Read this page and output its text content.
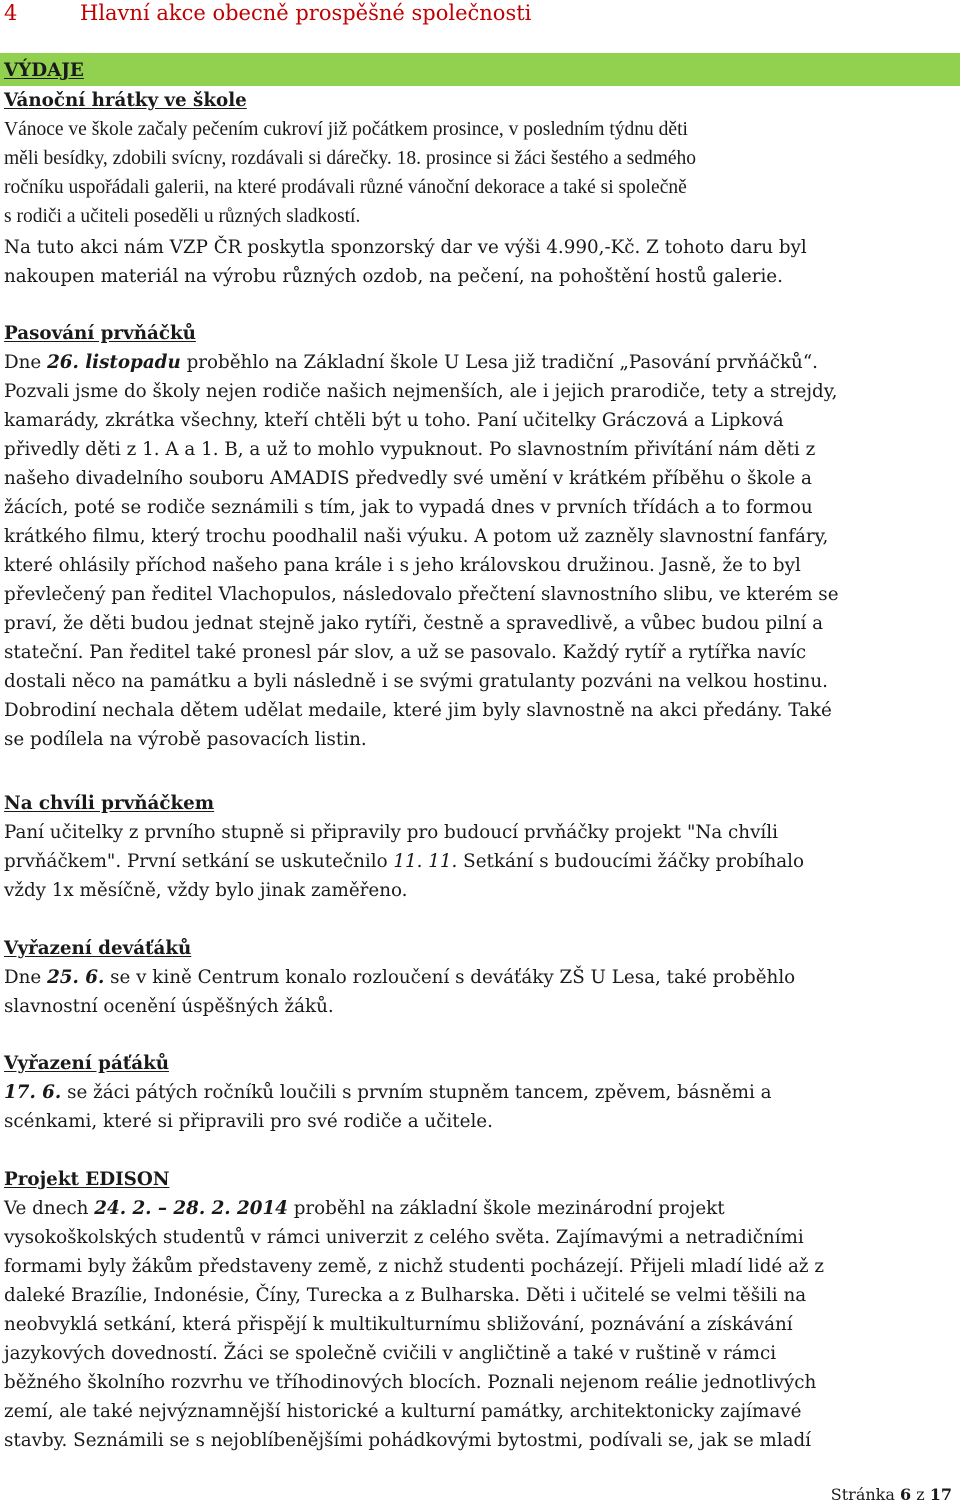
4	Hlavní akce obecně prospěšné společnosti
VÝDAJE
Vánoční hrátky ve škole
Vánoce ve škole začaly pečením cukroví již počátkem prosince, v posledním týdnu děti
měli besídky, zdobili svícny, rozdávali si dárečky. 18. prosince si žáci šestého a sedmého
ročníku uspořádali galerii, na které prodávali různé vánoční dekorace a také si společně
s rodiči a učiteli poseděli u různých sladkostí.
Na tuto akci nám VZP ČR poskytla sponzorský dar ve výši 4.990,-Kč. Z tohoto daru byl
nakoupen materiál na výrobu různých ozdob, na pečení, na pohoštění hostů galerie.
Pasování prvňáčků
Dne 26. listopadu proběhlo na Základní škole U Lesa již tradiční „Pasování prvňáčků“.
Pozvali jsme do školy nejen rodiče našich nejmenších, ale i jejich prarodiče, tety a strejdy,
kamarády, zkrátka všechny, kteří chtěli být u toho. Paní učitelky Gráczová a Lipková
přivedly děti z 1. A a 1. B, a už to mohlo vypuknout. Po slavnostním přivítání nám děti z
našeho divadelního souboru AMADIS předvedly své umění v krátkém příběhu o škole a
žácích, poté se rodiče seznámili s tím, jak to vypadá dnes v prvních třídách a to formou
krátkého filmu, který trochu poodhalil naši výuku. A potom už zazněly slavnostní fanfáry,
které ohlásily příchod našeho pana krále i s jeho královskou družinou. Jasně, že to byl
převlečený pan ředitel Vlachopulos, následovalo přečtení slavnostního slibu, ve kterém se
praví, že děti budou jednat stejně jako rytíři, čestně a spravedlivě, a vůbec budou pilní a
stateční. Pan ředitel také pronesl pár slov, a už se pasovalo. Každý rytíř a rytířka navíc
dostali něco na památku a byli následně i se svými gratulanty pozváni na velkou hostinu.
Dobrodiní nechala dětem udělat medaile, které jim byly slavnostně na akci předány. Také
se podílela na výrobě pasovacích listin.
Na chvíli prvňáčkem
Paní učitelky z prvního stupně si připravily pro budoucí prvňáčky projekt "Na chvíli
prvňáčkem". První setkání se uskutečnilo 11. 11. Setkání s budoucími žáčky probíhalo
vždy 1x měsíčně, vždy bylo jinak zaměřeno.
Vyřazení deváťáků
Dne 25. 6. se v kině Centrum konalo rozloučení s deváťáky ZŠ U Lesa, také proběhlo
slavnostní ocenění úspěšných žáků.
Vyřazení páťáků
17. 6. se žáci pátých ročníků loučili s prvním stupněm tancem, zpěvem, básněmi a
scénkami, které si připravili pro své rodiče a učitele.
Projekt EDISON
Ve dnech 24. 2. – 28. 2. 2014 proběhl na základní škole mezinárodní projekt
vysokoškolských studentů v rámci univerzit z celého světa. Zajímavými a netradičními
formami byly žákům představeny země, z nichž studenti pocházejí. Přijeli mladí lidé až z
daleké Brazílie, Indonésie, Číny, Turecka a z Bulharska. Děti i učitelé se velmi těšili na
neobvyklá setkání, která přispějí k multikulturnímu sbližování, poznávání a získávání
jazykových dovedností. Žáci se společně cvičili v angličtině a také v ruštině v rámci
běžného školního rozvrhu ve tříhodinových blocích. Poznali nejenom reálie jednotlivých
zemí, ale také nejvýznamnější historické a kulturní památky, architektonicky zajímavé
stavby. Seznámili se s nejoblíbenějšími pohádkovými bytostmi, podívali se, jak se mladí
Stránka 6 z 17
